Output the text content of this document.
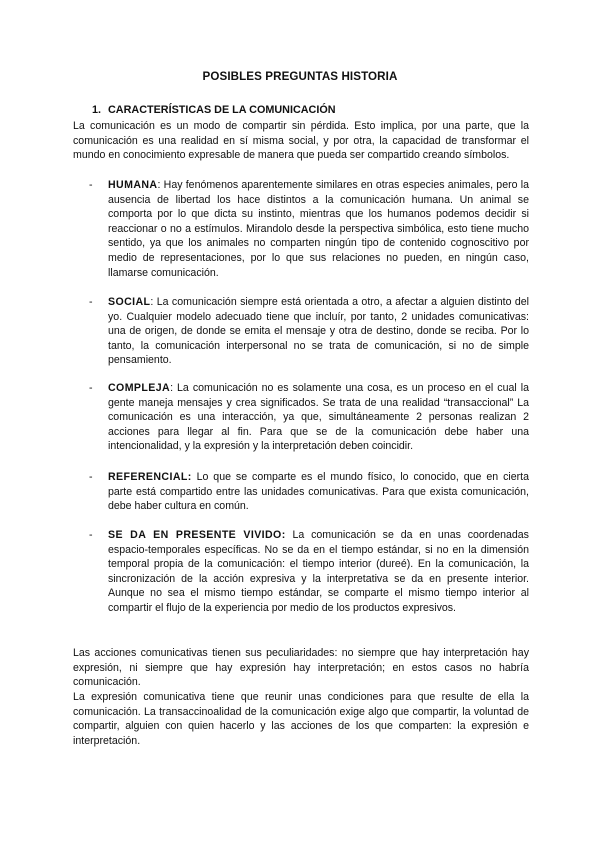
POSIBLES PREGUNTAS HISTORIA
1. CARACTERÍSTICAS DE LA COMUNICACIÓN
La comunicación es un modo de compartir sin pérdida. Esto implica, por una parte, que la comunicación es una realidad en sí misma social, y por otra, la capacidad de transformar el mundo en conocimiento expresable de manera que pueda ser compartido creando símbolos.
- HUMANA: Hay fenómenos aparentemente similares en otras especies animales, pero la ausencia de libertad los hace distintos a la comunicación humana. Un animal se comporta por lo que dicta su instinto, mientras que los humanos podemos decidir si reaccionar o no a estímulos. Mirandolo desde la perspectiva simbólica, esto tiene mucho sentido, ya que los animales no comparten ningún tipo de contenido cognoscitivo por medio de representaciones, por lo que sus relaciones no pueden, en ningún caso, llamarse comunicación.
- SOCIAL: La comunicación siempre está orientada a otro, a afectar a alguien distinto del yo. Cualquier modelo adecuado tiene que incluír, por tanto, 2 unidades comunicativas: una de origen, de donde se emita el mensaje y otra de destino, donde se reciba. Por lo tanto, la comunicación interpersonal no se trata de comunicación, si no de simple pensamiento.
- COMPLEJA: La comunicación no es solamente una cosa, es un proceso en el cual la gente maneja mensajes y crea significados. Se trata de una realidad “transaccional” La comunicación es una interacción, ya que, simultáneamente 2 personas realizan 2 acciones para llegar al fin. Para que se de la comunicación debe haber una intencionalidad, y la expresión y la interpretación deben coincidir.
- REFERENCIAL: Lo que se comparte es el mundo físico, lo conocido, que en cierta parte está compartido entre las unidades comunicativas. Para que exista comunicación, debe haber cultura en común.
- SE DA EN PRESENTE VIVIDO: La comunicación se da en unas coordenadas espacio-temporales específicas. No se da en el tiempo estándar, si no en la dimensión temporal propia de la comunicación: el tiempo interior (dureé). En la comunicación, la sincronización de la acción expresiva y la interpretativa se da en presente interior. Aunque no sea el mismo tiempo estándar, se comparte el mismo tiempo interior al compartir el flujo de la experiencia por medio de los productos expresivos.
Las acciones comunicativas tienen sus peculiaridades: no siempre que hay interpretación hay expresión, ni siempre que hay expresión hay interpretación; en estos casos no habría comunicación.
La expresión comunicativa tiene que reunir unas condiciones para que resulte de ella la comunicación. La transaccinoalidad de la comunicación exige algo que compartir, la voluntad de compartir, alguien con quien hacerlo y las acciones de los que comparten: la expresión e interpretación.
